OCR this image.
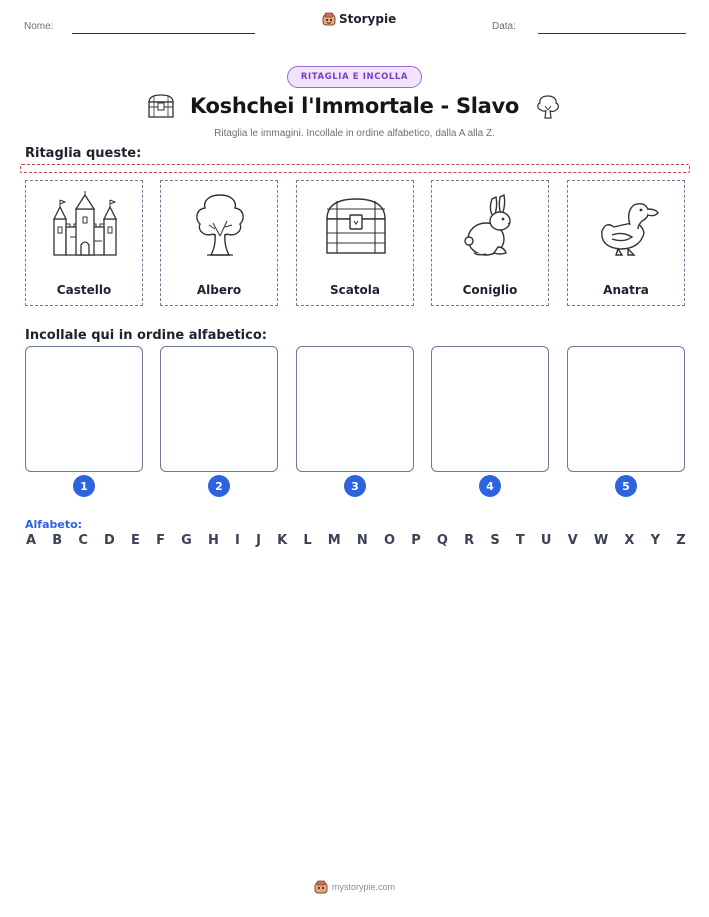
Nome:
Storypie
Data:
RITAGLIA E INCOLLA
Koshchei l'Immortale - Slavo
Ritaglia le immagini. Incollale in ordine alfabetico, dalla A alla Z.
Ritaglia queste:
Castello	Albero	Scatola	Coniglio	Anatra
Incollale qui in ordine alfabetico:
1	2	3	4	5
Alfabeto:
A B C D E F G H I J K L M N O P Q R S T U V W X Y Z
mystorypie.com
